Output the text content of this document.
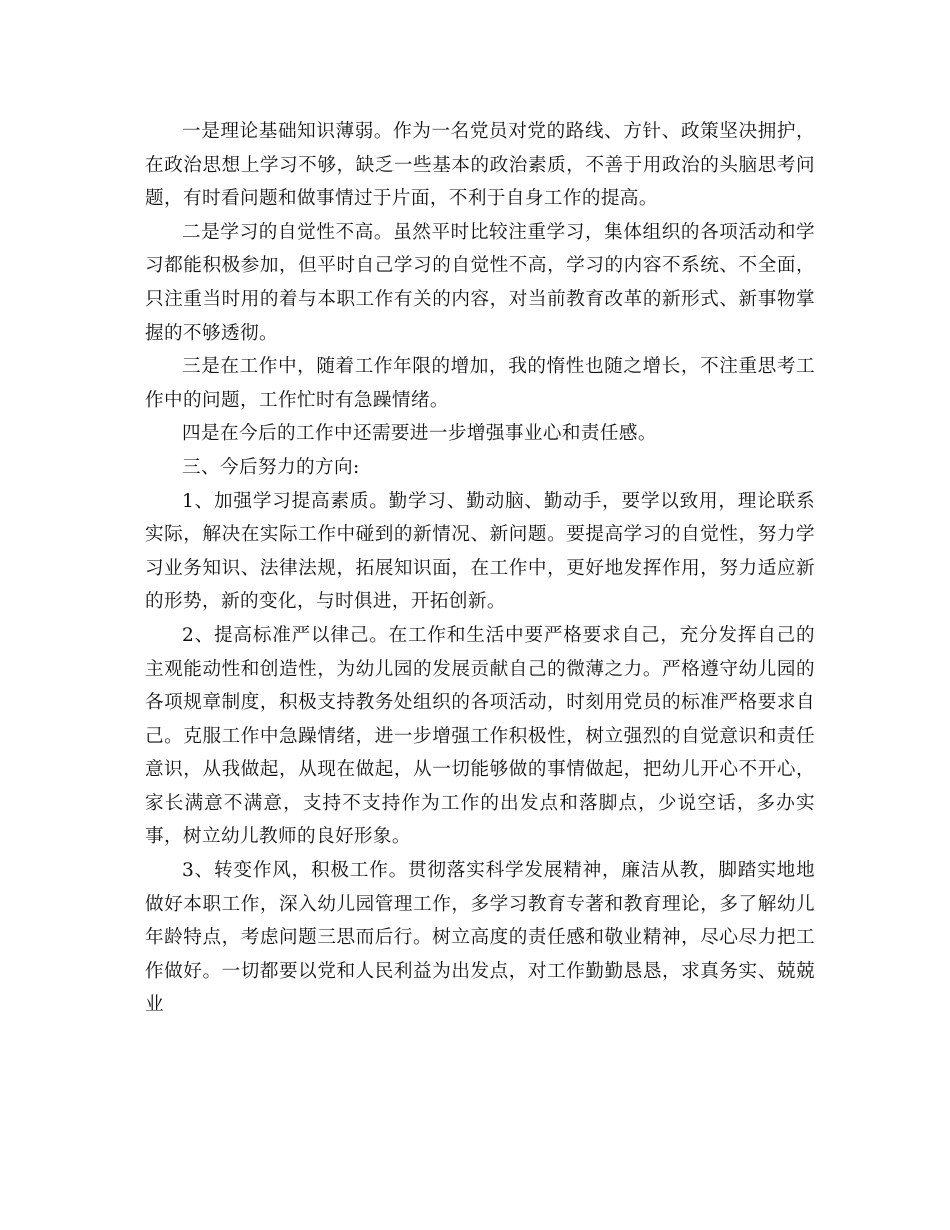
一是理论基础知识薄弱。作为一名党员对党的路线、方针、政策坚决拥护，在政治思想上学习不够，缺乏一些基本的政治素质，不善于用政治的头脑思考问题，有时看问题和做事情过于片面，不利于自身工作的提高。

二是学习的自觉性不高。虽然平时比较注重学习，集体组织的各项活动和学习都能积极参加，但平时自己学习的自觉性不高，学习的内容不系统、不全面，只注重当时用的着与本职工作有关的内容，对当前教育改革的新形式、新事物掌握的不够透彻。

三是在工作中，随着工作年限的增加，我的惰性也随之增长，不注重思考工作中的问题，工作忙时有急躁情绪。

四是在今后的工作中还需要进一步增强事业心和责任感。

三、今后努力的方向:

1、加强学习提高素质。勤学习、勤动脑、勤动手，要学以致用，理论联系实际，解决在实际工作中碰到的新情况、新问题。要提高学习的自觉性，努力学习业务知识、法律法规，拓展知识面，在工作中，更好地发挥作用，努力适应新的形势，新的变化，与时俱进，开拓创新。

2、提高标准严以律己。在工作和生活中要严格要求自己，充分发挥自己的主观能动性和创造性，为幼儿园的发展贡献自己的微薄之力。严格遵守幼儿园的各项规章制度，积极支持教务处组织的各项活动，时刻用党员的标准严格要求自己。克服工作中急躁情绪，进一步增强工作积极性，树立强烈的自觉意识和责任意识，从我做起，从现在做起，从一切能够做的事情做起，把幼儿开心不开心，家长满意不满意，支持不支持作为工作的出发点和落脚点，少说空话，多办实事，树立幼儿教师的良好形象。

3、转变作风，积极工作。贯彻落实科学发展精神，廉洁从教，脚踏实地地做好本职工作，深入幼儿园管理工作，多学习教育专著和教育理论，多了解幼儿年龄特点，考虑问题三思而后行。树立高度的责任感和敬业精神，尽心尽力把工作做好。一切都要以党和人民利益为出发点，对工作勤勤恳恳，求真务实、兢兢业
